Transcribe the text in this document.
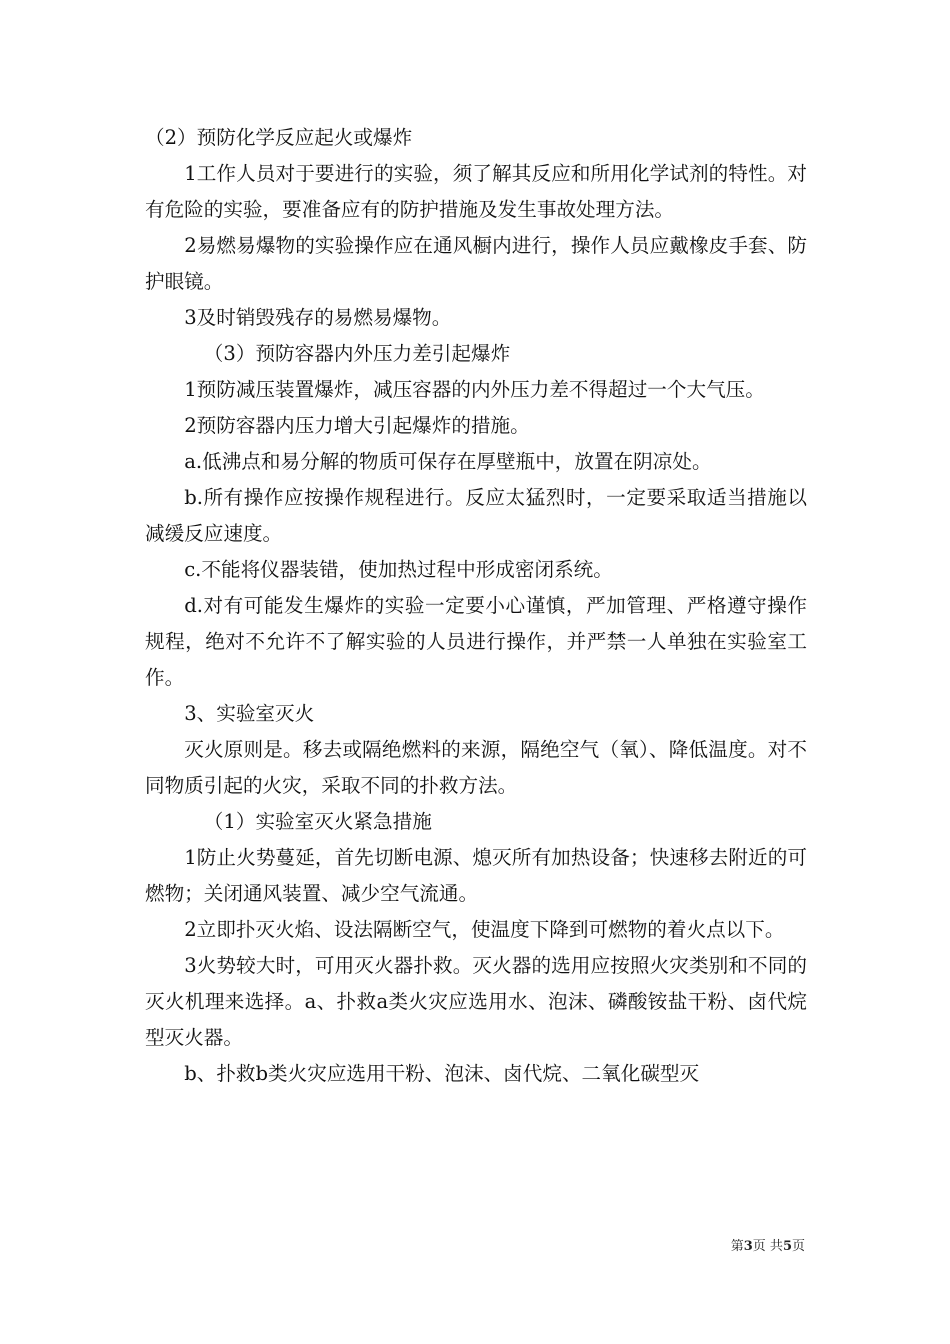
（2）预防化学反应起火或爆炸

1工作人员对于要进行的实验，须了解其反应和所用化学试剂的特性。对有危险的实验，要准备应有的防护措施及发生事故处理方法。

2易燃易爆物的实验操作应在通风橱内进行，操作人员应戴橡皮手套、防护眼镜。

3及时销毁残存的易燃易爆物。

（3）预防容器内外压力差引起爆炸

1预防减压装置爆炸，减压容器的内外压力差不得超过一个大气压。

2预防容器内压力增大引起爆炸的措施。

a.低沸点和易分解的物质可保存在厚壁瓶中，放置在阴凉处。

b.所有操作应按操作规程进行。反应太猛烈时，一定要采取适当措施以减缓反应速度。

c.不能将仪器装错，使加热过程中形成密闭系统。

d.对有可能发生爆炸的实验一定要小心谨慎，严加管理、严格遵守操作规程，绝对不允许不了解实验的人员进行操作，并严禁一人单独在实验室工作。

3、实验室灭火

灭火原则是。移去或隔绝燃料的来源，隔绝空气（氧）、降低温度。对不同物质引起的火灾，采取不同的扑救方法。

（1）实验室灭火紧急措施

1防止火势蔓延，首先切断电源、熄灭所有加热设备；快速移去附近的可燃物；关闭通风装置、减少空气流通。

2立即扑灭火焰、设法隔断空气，使温度下降到可燃物的着火点以下。

3火势较大时，可用灭火器扑救。灭火器的选用应按照火灾类别和不同的灭火机理来选择。a、扑救a类火灾应选用水、泡沫、磷酸铵盐干粉、卤代烷型灭火器。

b、扑救b类火灾应选用干粉、泡沫、卤代烷、二氧化碳型灭

第3页 共5页
